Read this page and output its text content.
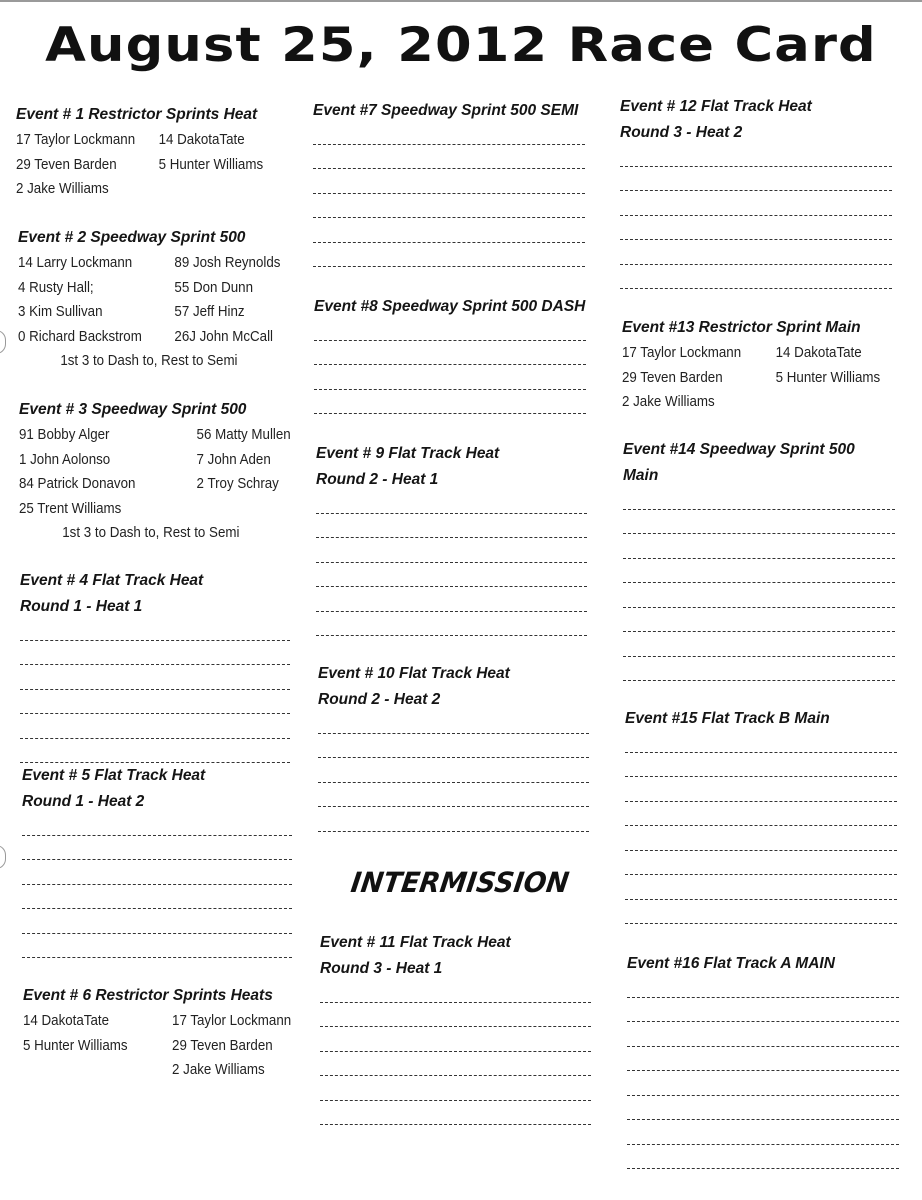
August 25, 2012 Race Card
Event # 1 Restrictor Sprints Heat
17 Taylor Lockmann 14 DakotaTate
29 Teven Barden	5 Hunter Williams
2 Jake Williams
Event # 2 Speedway Sprint 500
14 Larry Lockmann	89 Josh Reynolds
4 Rusty Hall;	55 Don Dunn
3 Kim Sullivan	57 Jeff Hinz
0 Richard Backstrom 26J John McCall
1st 3 to Dash to, Rest to Semi
Event # 3 Speedway Sprint 500
91 Bobby Alger	56 Matty Mullen
1 John Aolonso	7 John Aden
84 Patrick Donavon	2 Troy Schray
25 Trent Williams
1st 3 to Dash to, Rest to Semi
Event # 4 Flat Track Heat
Round 1 - Heat 1
Event # 5 Flat Track Heat
Round 1 - Heat 2
Event # 6 Restrictor Sprints Heats
14 DakotaTate	17 Taylor Lockmann
5 Hunter Williams	29 Teven Barden
2 Jake Williams
Event #7 Speedway Sprint 500 SEMI
Event #8 Speedway Sprint 500 DASH
Event # 9 Flat Track Heat
Round 2 - Heat 1
Event # 10 Flat Track Heat
Round 2 - Heat 2
INTERMISSION
Event # 11 Flat Track Heat
Round 3 - Heat 1
Event # 12 Flat Track Heat
Round 3 - Heat 2
Event #13 Restrictor Sprint Main
17 Taylor Lockmann 14 DakotaTate
29 Teven Barden	5 Hunter Williams
2 Jake Williams
Event #14 Speedway Sprint 500
Main
Event #15 Flat Track B Main
Event #16 Flat Track A MAIN
